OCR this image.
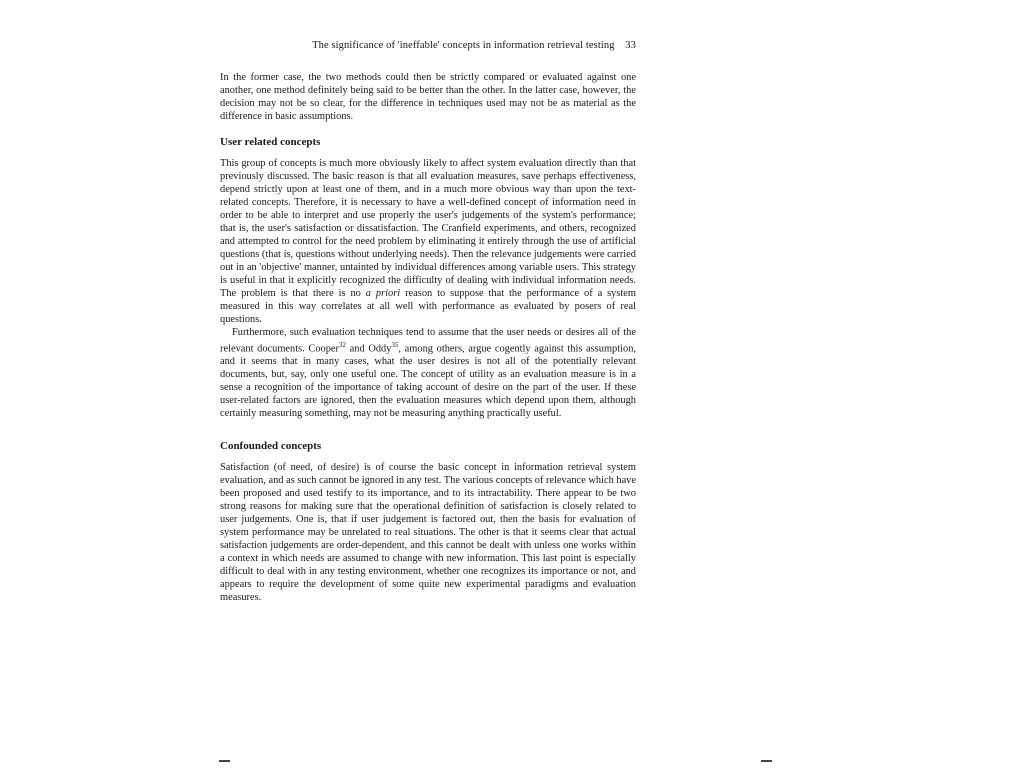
The significance of 'ineffable' concepts in information retrieval testing 33

In the former case, the two methods could then be strictly compared or evaluated against one another, one method definitely being said to be better than the other. In the latter case, however, the decision may not be so clear, for the difference in techniques used may not be as material as the difference in basic assumptions.

User related concepts

This group of concepts is much more obviously likely to affect system evaluation directly than that previously discussed. The basic reason is that all evaluation measures, save perhaps effectiveness, depend strictly upon at least one of them, and in a much more obvious way than upon the text-related concepts. Therefore, it is necessary to have a well-defined concept of information need in order to be able to interpret and use properly the user's judgements of the system's performance; that is, the user's satisfaction or dissatisfaction. The Cranfield experiments, and others, recognized and attempted to control for the need problem by eliminating it entirely through the use of artificial questions (that is, questions without underlying needs). Then the relevance judgements were carried out in an 'objective' manner, untainted by individual differences among variable users. This strategy is useful in that it explicitly recognized the difficulty of dealing with individual information needs. The problem is that there is no a priori reason to suppose that the performance of a system measured in this way correlates at all well with performance as evaluated by posers of real questions.

Furthermore, such evaluation techniques tend to assume that the user needs or desires all of the relevant documents. Cooper$^{32}$ and Oddy$^{35}$, among others, argue cogently against this assumption, and it seems that in many cases, what the user desires is not all of the potentially relevant documents, but, say, only one useful one. The concept of utility as an evaluation measure is in a sense a recognition of the importance of taking account of desire on the part of the user. If these user-related factors are ignored, then the evaluation measures which depend upon them, although certainly measuring something, may not be measuring anything practically useful.

Confounded concepts

Satisfaction (of need, of desire) is of course the basic concept in information retrieval system evaluation, and as such cannot be ignored in any test. The various concepts of relevance which have been proposed and used testify to its importance, and to its intractability. There appear to be two strong reasons for making sure that the operational definition of satisfaction is closely related to user judgements. One is, that if user judgement is factored out, then the basis for evaluation of system performance may be unrelated to real situations. The other is that it seems clear that actual satisfaction judgements are order-dependent, and this cannot be dealt with unless one works within a context in which needs are assumed to change with new information. This last point is especially difficult to deal with in any testing environment, whether one recognizes its importance or not, and appears to require the development of some quite new experimental paradigms and evaluation measures.
